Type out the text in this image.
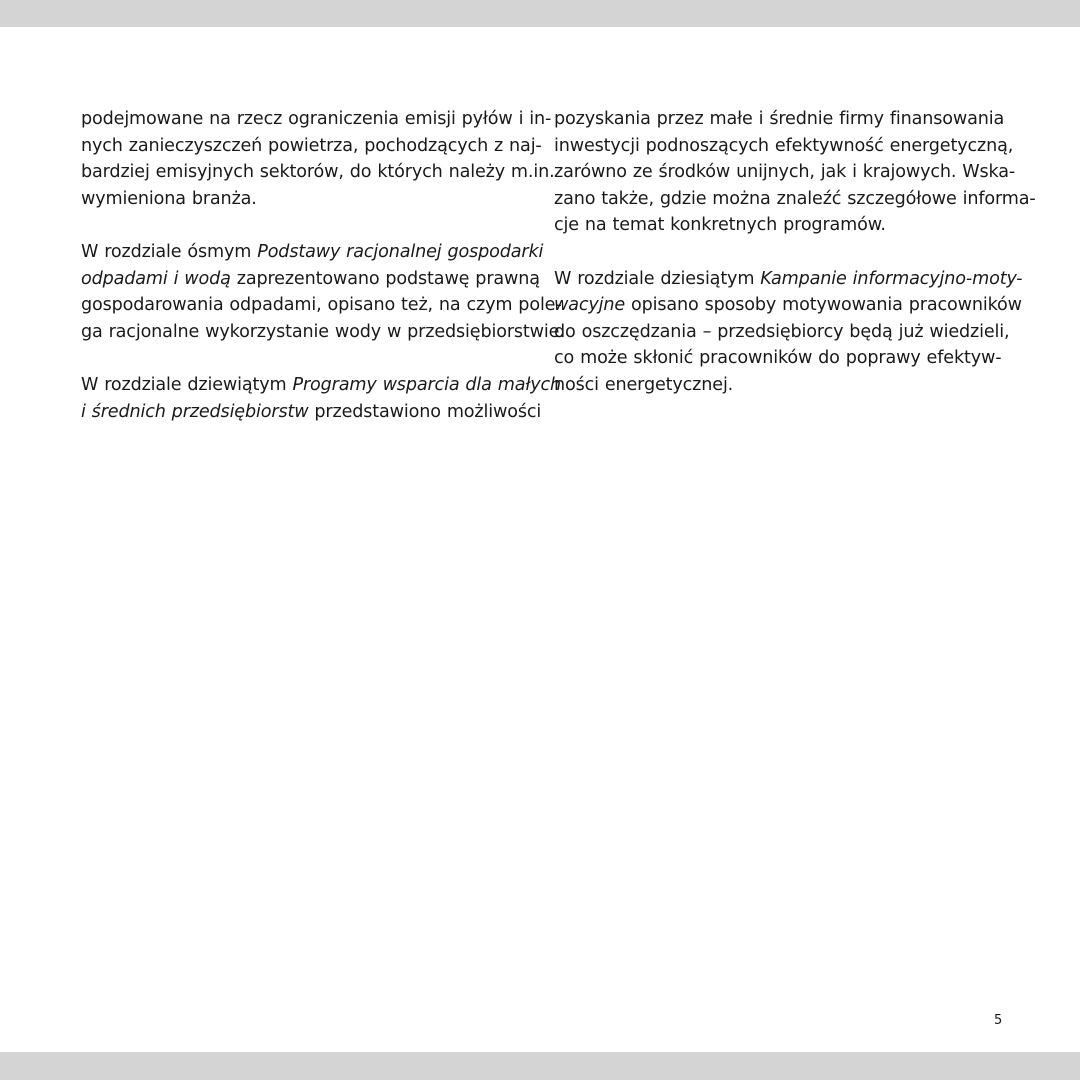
podejmowane na rzecz ograniczenia emisji pyłów i in-
nych zanieczyszczeń powietrza, pochodzących z naj-
bardziej emisyjnych sektorów, do których należy m.in.
wymieniona branża.
W rozdziale ósmym Podstawy racjonalnej gospodarki
odpadami i wodą zaprezentowano podstawę prawną
gospodarowania odpadami, opisano też, na czym pole-
ga racjonalne wykorzystanie wody w przedsiębiorstwie.
W rozdziale dziewiątym Programy wsparcia dla małych
i średnich przedsiębiorstw przedstawiono możliwości
pozyskania przez małe i średnie firmy finansowania
inwestycji podnoszących efektywność energetyczną,
zarówno ze środków unijnych, jak i krajowych. Wska-
zano także, gdzie można znaleźć szczegółowe informa-
cje na temat konkretnych programów.
W rozdziale dziesiątym Kampanie informacyjno-moty-
wacyjne opisano sposoby motywowania pracowników
do oszczędzania – przedsiębiorcy będą już wiedzieli,
co może skłonić pracowników do poprawy efektyw-
ności energetycznej.
5
